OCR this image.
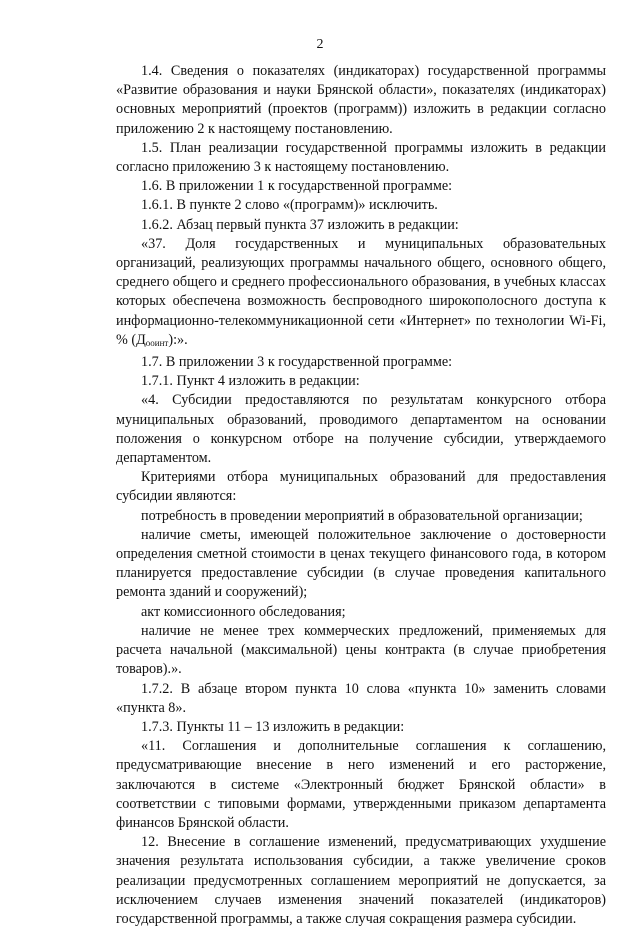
2

1.4. Сведения о показателях (индикаторах) государственной программы «Развитие образования и науки Брянской области», показателях (индикаторах) основных мероприятий (проектов (программ)) изложить в редакции согласно приложению 2 к настоящему постановлению.

1.5. План реализации государственной программы изложить в редакции согласно приложению 3 к настоящему постановлению.

1.6. В приложении 1 к государственной программе:

1.6.1. В пункте 2 слово «(программ)» исключить.

1.6.2. Абзац первый пункта 37 изложить в редакции:

«37. Доля государственных и муниципальных образовательных организаций, реализующих программы начального общего, основного общего, среднего общего и среднего профессионального образования, в учебных классах которых обеспечена возможность беспроводного широкополосного доступа к информационно-телекоммуникационной сети «Интернет» по технологии Wi-Fi, % $(Д_{ооинт})$:».

1.7. В приложении 3 к государственной программе:

1.7.1. Пункт 4 изложить в редакции:

«4. Субсидии предоставляются по результатам конкурсного отбора муниципальных образований, проводимого департаментом на основании положения о конкурсном отборе на получение субсидии, утверждаемого департаментом.

Критериями отбора муниципальных образований для предоставления субсидии являются:

потребность в проведении мероприятий в образовательной организации;

наличие сметы, имеющей положительное заключение о достоверности определения сметной стоимости в ценах текущего финансового года, в котором планируется предоставление субсидии (в случае проведения капитального ремонта зданий и сооружений);

акт комиссионного обследования;

наличие не менее трех коммерческих предложений, применяемых для расчета начальной (максимальной) цены контракта (в случае приобретения товаров).».

1.7.2. В абзаце втором пункта 10 слова «пункта 10» заменить словами «пункта 8».

1.7.3. Пункты 11 – 13 изложить в редакции:

«11. Соглашения и дополнительные соглашения к соглашению, предусматривающие внесение в него изменений и его расторжение, заключаются в системе «Электронный бюджет Брянской области» в соответствии с типовыми формами, утвержденными приказом департамента финансов Брянской области.

12. Внесение в соглашение изменений, предусматривающих ухудшение значения результата использования субсидии, а также увеличение сроков реализации предусмотренных соглашением мероприятий не допускается, за исключением случаев изменения значений показателей (индикаторов) государственной программы, а также случая сокращения размера субсидии.
